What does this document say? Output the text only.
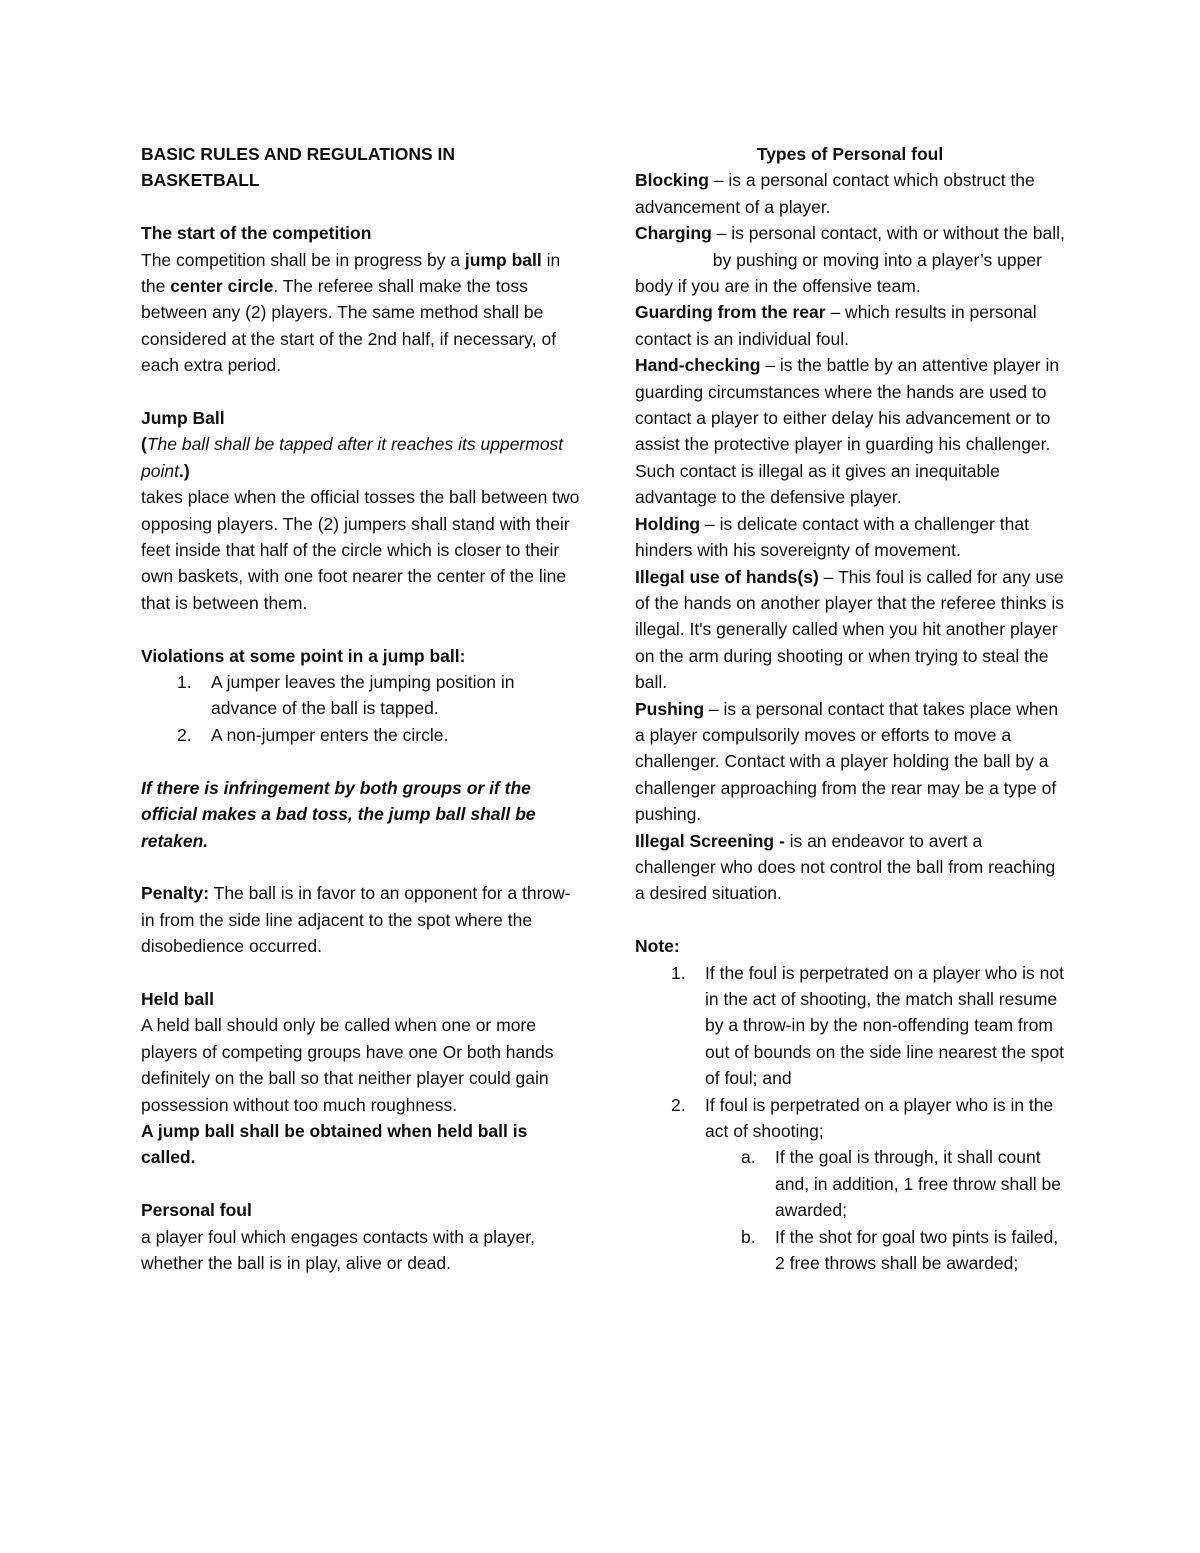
BASIC RULES AND REGULATIONS IN
BASKETBALL

The start of the competition

The competition shall be in progress by a jump ball in the center circle. The referee shall make the toss between any (2) players. The same method shall be considered at the start of the 2nd half, if necessary, of each extra period.

Jump Ball

(The ball shall be tapped after it reaches its uppermost point.)

takes place when the official tosses the ball between two opposing players. The (2) jumpers shall stand with their feet inside that half of the circle which is closer to their own baskets, with one foot nearer the center of the line that is between them.

Violations at some point in a jump ball:

1. A jumper leaves the jumping position in advance of the ball is tapped.
2. A non-jumper enters the circle.

If there is infringement by both groups or if the official makes a bad toss, the jump ball shall be retaken.

Penalty: The ball is in favor to an opponent for a throw-in from the side line adjacent to the spot where the disobedience occurred.

Held ball

A held ball should only be called when one or more players of competing groups have one Or both hands definitely on the ball so that neither player could gain possession without too much roughness.

A jump ball shall be obtained when held ball is called.

Personal foul

a player foul which engages contacts with a player, whether the ball is in play, alive or dead.

Types of Personal foul

Blocking – is a personal contact which obstruct the advancement of a player.

Charging – is personal contact, with or without the ball,                 by pushing or moving into a player’s upper body if you are in the offensive team.

Guarding from the rear – which results in personal contact is an individual foul.

Hand-checking – is the battle by an attentive player in guarding circumstances where the hands are used to contact a player to either delay his advancement or to assist the protective player in guarding his challenger. Such contact is illegal as it gives an inequitable advantage to the defensive player.

Holding – is delicate contact with a challenger that hinders with his sovereignty of movement.

Illegal use of hands(s) – This foul is called for any use of the hands on another player that the referee thinks is illegal. It's generally called when you hit another player on the arm during shooting or when trying to steal the ball.

Pushing – is a personal contact that takes place when a player compulsorily moves or efforts to move a challenger. Contact with a player holding the ball by a challenger approaching from the rear may be a type of pushing.

Illegal Screening - is an endeavor to avert a challenger who does not control the ball from reaching a desired situation.

Note:

1. If the foul is perpetrated on a player who is not in the act of shooting, the match shall resume by a throw-in by the non-offending team from out of bounds on the side line nearest the spot of foul; and
2. If foul is perpetrated on a player who is in the act of shooting;
a. If the goal is through, it shall count and, in addition, 1 free throw shall be awarded;
b. If the shot for goal two pints is failed, 2 free throws shall be awarded;
